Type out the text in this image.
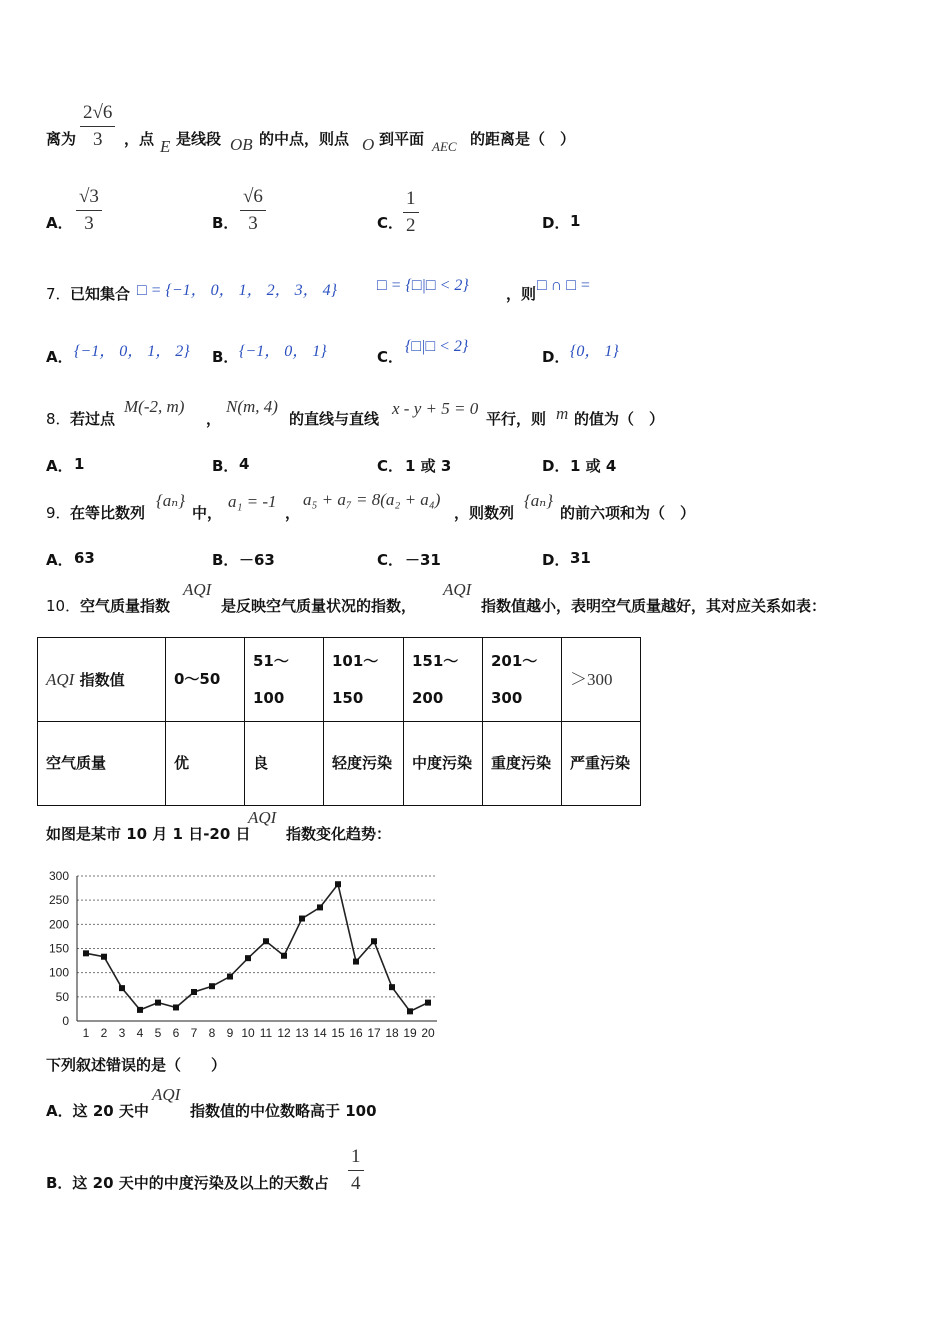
离为
2√6
3	，点 E 是线段 OB 的中点，则点 O 到平面 AEC 的距离是（　）
A．
√3
3	B．
√6
3	C．
1
2	D． 1
7． 已知集合 □ = {−1， 0， 1， 2， 3， 4} □ = {□|□ < 2} ，则 □ ∩ □ =
A． {−1， 0， 1， 2} B． {−1， 0， 1}	C．
{□|□ < 2}
D． {0， 1}
8． 若过点
M(-2, m)
，
N(m, 4)
的直线与直线
x - y + 5 = 0
平行，则 m 的值为（　）
A． 1	B． 4	C． 1 或 3	D． 1 或 4
9． 在等比数列
{aₙ}
中，
a₁ = -1
，
a₅ + a₇ = 8(a₂ + a₄)
，则数列
{aₙ}
的前六项和为（　）
A． 63	B． －63	C． －31	D． 31
10． 空气质量指数
AQI
是反映空气质量状况的指数，
AQI
指数值越小，表明空气质量越好，其对应关系如表：
AQI 指数值	0～50	51～100	101～150	151～200	201～300	＞300
空气质量	优	良	轻度污染	中度污染	重度污染	严重污染
如图是某市 10 月 1 日-20 日
AQI
指数变化趋势：
0
50
100
150
200
250
300
1 2 3 4 5 6 7 8 9 10 11 12 13 14 15 16 17 18 19 20
下列叙述错误的是（　　）
A．这 20 天中
AQI
指数值的中位数略高于 100
B．这 20 天中的中度污染及以上的天数占
1
4
